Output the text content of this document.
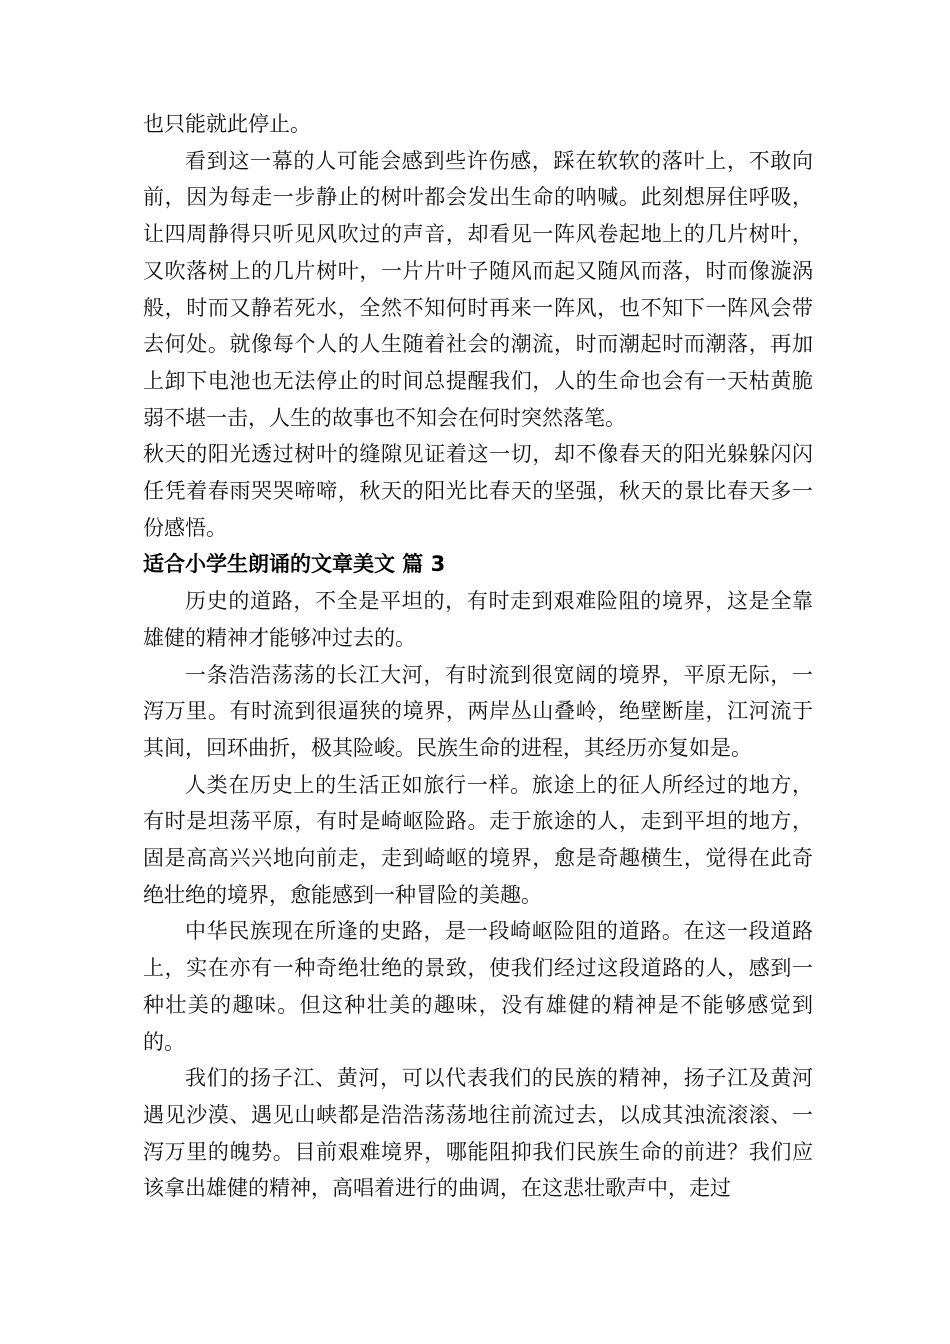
也只能就此停止。

看到这一幕的人可能会感到些许伤感，踩在软软的落叶上，不敢向前，因为每走一步静止的树叶都会发出生命的呐喊。此刻想屏住呼吸，让四周静得只听见风吹过的声音，却看见一阵风卷起地上的几片树叶，又吹落树上的几片树叶，一片片叶子随风而起又随风而落，时而像漩涡般，时而又静若死水，全然不知何时再来一阵风，也不知下一阵风会带去何处。就像每个人的人生随着社会的潮流，时而潮起时而潮落，再加上卸下电池也无法停止的时间总提醒我们，人的生命也会有一天枯黄脆弱不堪一击，人生的故事也不知会在何时突然落笔。

秋天的阳光透过树叶的缝隙见证着这一切，却不像春天的阳光躲躲闪闪任凭着春雨哭哭啼啼，秋天的阳光比春天的坚强，秋天的景比春天多一份感悟。

适合小学生朗诵的文章美文 篇 3

历史的道路，不全是平坦的，有时走到艰难险阻的境界，这是全靠雄健的精神才能够冲过去的。

一条浩浩荡荡的长江大河，有时流到很宽阔的境界，平原无际，一泻万里。有时流到很逼狭的境界，两岸丛山叠岭，绝壁断崖，江河流于其间，回环曲折，极其险峻。民族生命的进程，其经历亦复如是。

人类在历史上的生活正如旅行一样。旅途上的征人所经过的地方，有时是坦荡平原，有时是崎岖险路。走于旅途的人，走到平坦的地方，固是高高兴兴地向前走，走到崎岖的境界，愈是奇趣横生，觉得在此奇绝壮绝的境界，愈能感到一种冒险的美趣。

中华民族现在所逢的史路，是一段崎岖险阻的道路。在这一段道路上，实在亦有一种奇绝壮绝的景致，使我们经过这段道路的人，感到一种壮美的趣味。但这种壮美的趣味，没有雄健的精神是不能够感觉到的。

我们的扬子江、黄河，可以代表我们的民族的精神，扬子江及黄河遇见沙漠、遇见山峡都是浩浩荡荡地往前流过去，以成其浊流滚滚、一泻万里的魄势。目前艰难境界，哪能阻抑我们民族生命的前进？我们应该拿出雄健的精神，高唱着进行的曲调，在这悲壮歌声中，走过
